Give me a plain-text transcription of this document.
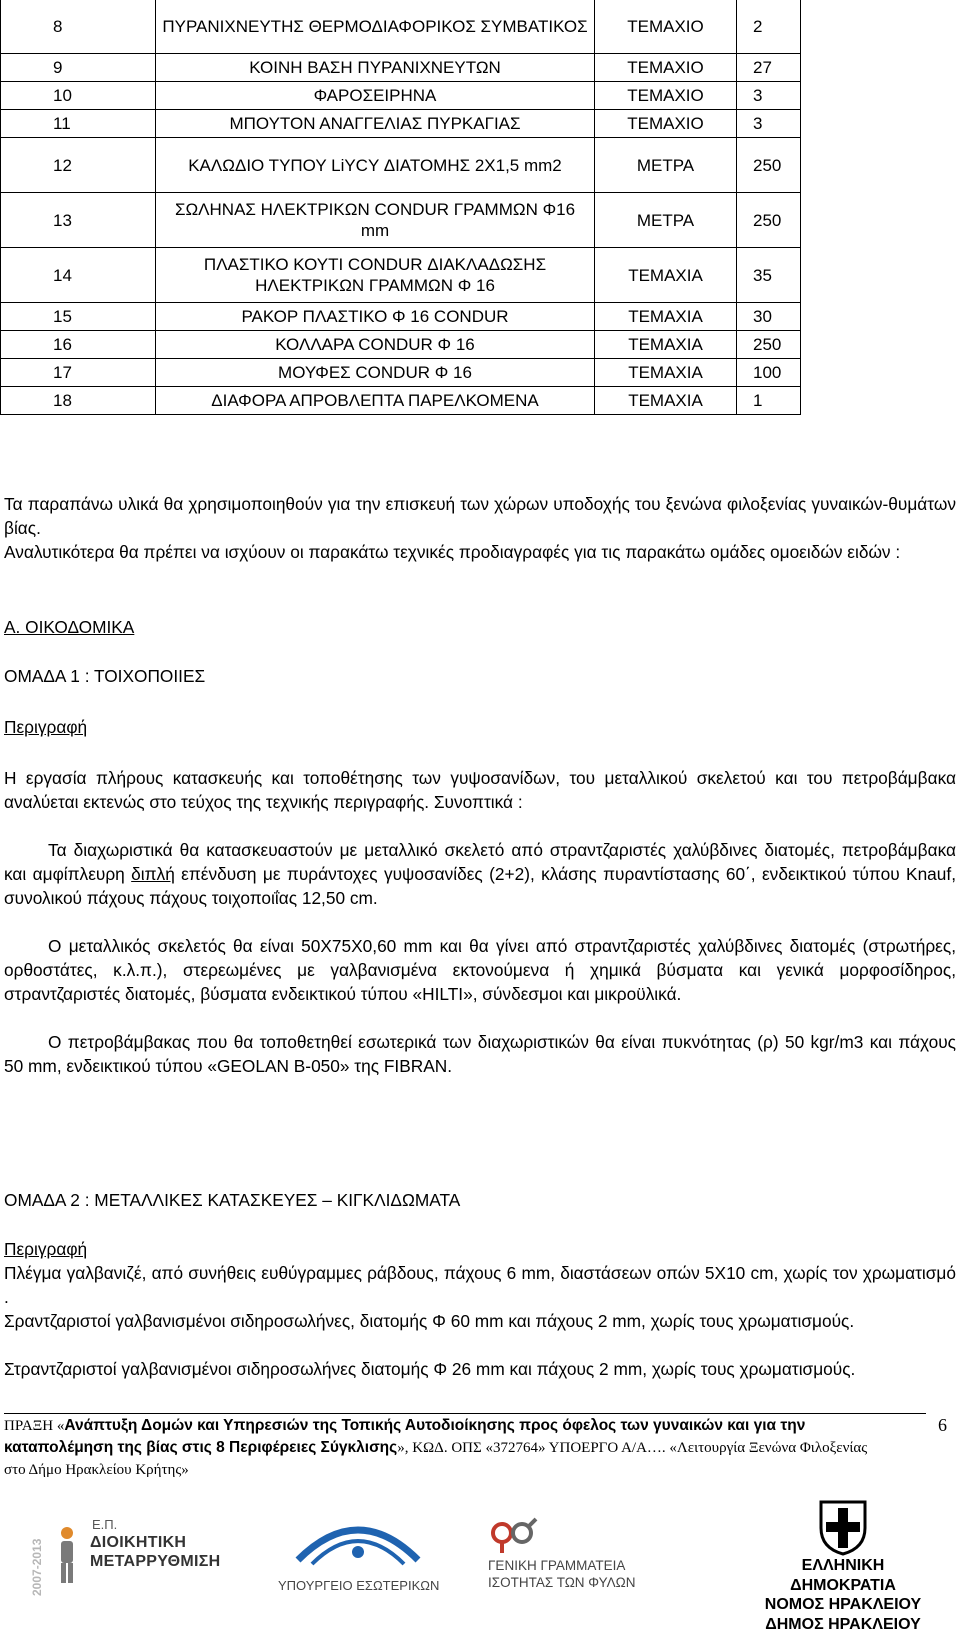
8	ΠΥΡΑΝΙΧΝΕΥΤΗΣ ΘΕΡΜΟΔΙΑΦΟΡΙΚΟΣ ΣΥΜΒΑΤΙΚΟΣ	ΤΕΜΑΧΙΟ	2
9	ΚΟΙΝΗ ΒΑΣΗ ΠΥΡΑΝΙΧΝΕΥΤΩΝ	ΤΕΜΑΧΙΟ	27
10	ΦΑΡΟΣΕΙΡΗΝΑ	ΤΕΜΑΧΙΟ	3
11	ΜΠΟΥΤΟΝ ΑΝΑΓΓΕΛΙΑΣ ΠΥΡΚΑΓΙΑΣ	ΤΕΜΑΧΙΟ	3
12	ΚΑΛΩΔΙΟ ΤΥΠΟΥ LiYCY ΔΙΑΤΟΜΗΣ 2Χ1,5 mm2	ΜΕΤΡΑ	250
13	ΣΩΛΗΝΑΣ ΗΛΕΚΤΡΙΚΩΝ CONDUR ΓΡΑΜΜΩΝ Φ16 mm	ΜΕΤΡΑ	250
14	ΠΛΑΣΤΙΚΟ ΚΟΥΤΙ CONDUR ΔΙΑΚΛΑΔΩΣΗΣ ΗΛΕΚΤΡΙΚΩΝ ΓΡΑΜΜΩΝ Φ 16	ΤΕΜΑΧΙΑ	35
15	ΡΑΚΟΡ ΠΛΑΣΤΙΚΟ Φ 16 CONDUR	ΤΕΜΑΧΙΑ	30
16	ΚΟΛΛΑΡΑ CONDUR Φ 16	ΤΕΜΑΧΙΑ	250
17	ΜΟΥΦΕΣ CONDUR Φ 16	ΤΕΜΑΧΙΑ	100
18	ΔΙΑΦΟΡΑ ΑΠΡΟΒΛΕΠΤΑ ΠΑΡΕΛΚΟΜΕΝΑ	ΤΕΜΑΧΙΑ	1

Τα παραπάνω υλικά θα χρησιμοποιηθούν για την επισκευή των χώρων υποδοχής του ξενώνα φιλοξενίας γυναικών-θυμάτων βίας.

Αναλυτικότερα θα πρέπει να ισχύουν οι παρακάτω τεχνικές προδιαγραφές για τις παρακάτω ομάδες ομοειδών ειδών :

Α. ΟΙΚΟΔΟΜΙΚΑ

ΟΜΑΔΑ 1 : ΤΟΙΧΟΠΟΙΙΕΣ

Περιγραφή

Η εργασία πλήρους κατασκευής και τοποθέτησης των γυψοσανίδων, του μεταλλικού σκελετού και του πετροβάμβακα αναλύεται εκτενώς στο τεύχος της τεχνικής περιγραφής. Συνοπτικά :

Τα διαχωριστικά θα κατασκευαστούν με μεταλλικό σκελετό από στραντζαριστές χαλύβδινες διατομές, πετροβάμβακα και αμφίπλευρη διπλή επένδυση με πυράντοχες γυψοσανίδες (2+2), κλάσης πυραντίστασης 60΄, ενδεικτικού τύπου Knauf, συνολικού πάχους πάχους τοιχοποιΐας 12,50 cm.

Ο μεταλλικός σκελετός θα είναι 50Χ75Χ0,60 mm και θα γίνει από στραντζαριστές χαλύβδινες διατομές (στρωτήρες, ορθοστάτες, κ.λ.π.), στερεωμένες με γαλβανισμένα εκτονούμενα ή χημικά βύσματα και γενικά μορφοσίδηρος, στραντζαριστές διατομές, βύσματα ενδεικτικού τύπου «HILTI», σύνδεσμοι και μικροϋλικά.

Ο πετροβάμβακας που θα τοποθετηθεί εσωτερικά των διαχωριστικών θα είναι πυκνότητας (ρ) 50 kgr/m3 και πάχους 50 mm, ενδεικτικού τύπου «GEOLAN B-050» της FIBRAN.

ΟΜΑΔΑ 2 : ΜΕΤΑΛΛΙΚΕΣ ΚΑΤΑΣΚΕΥΕΣ – ΚΙΓΚΛΙΔΩΜΑΤΑ

Περιγραφή

Πλέγμα γαλβανιζέ, από συνήθεις ευθύγραμμες ράβδους, πάχους 6 mm, διαστάσεων οπών 5Χ10 cm, χωρίς τον χρωματισμό .

Σραντζαριστοί γαλβανισμένοι σιδηροσωλήνες, διατομής Φ 60 mm και πάχους 2 mm, χωρίς τους χρωματισμούς.

Στραντζαριστοί γαλβανισμένοι σιδηροσωλήνες διατομής Φ 26 mm και πάχους 2 mm, χωρίς τους χρωματισμούς.

ΠΡΑΞΗ «Ανάπτυξη Δομών και Υπηρεσιών της Τοπικής Αυτοδιοίκησης προς όφελος των γυναικών και για την καταπολέμηση της βίας στις 8 Περιφέρειες Σύγκλισης», ΚΩΔ. ΟΠΣ «372764» ΥΠΟΕΡΓΟ Α/Α…. «Λειτουργία Ξενώνα Φιλοξενίας στο Δήμο Ηρακλείου Κρήτης»
6
2007-2013
Ε.Π.
ΔΙΟΙΚΗΤΙΚΗ
ΜΕΤΑΡΡΥΘΜΙΣΗ
ΥΠΟΥΡΓΕΙΟ ΕΣΩΤΕΡΙΚΩΝ
ΓΕΝΙΚΗ ΓΡΑΜΜΑΤΕΙΑ
ΙΣΟΤΗΤΑΣ ΤΩΝ ΦΥΛΩΝ
ΕΛΛΗΝΙΚΗ
ΔΗΜΟΚΡΑΤΙΑ
ΝΟΜΟΣ ΗΡΑΚΛΕΙΟΥ
ΔΗΜΟΣ ΗΡΑΚΛΕΙΟΥ
